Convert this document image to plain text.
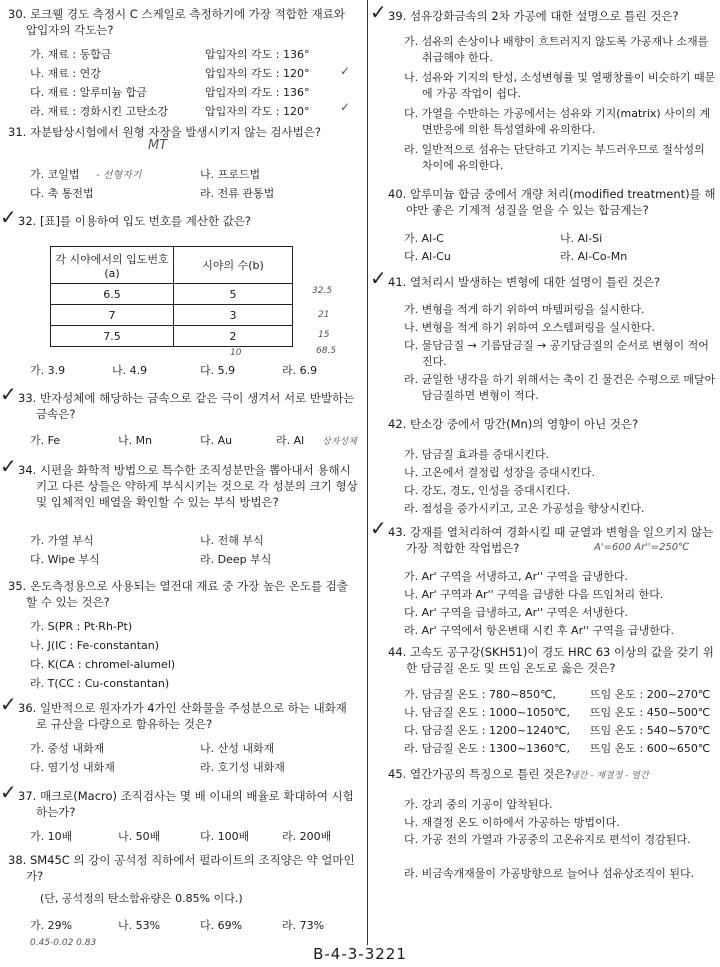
30. 로크웰 경도 측정시 C 스케일로 측정하기에 가장 적합한 재료와 압입자의 각도는?
가. 재료 : 동합금	압입자의 각도 : 136°
나. 재료 : 연강	압입자의 각도 : 120°
다. 재료 : 알루미늄 합금	압입자의 각도 : 136°
라. 재료 : 경화시킨 고탄소강	압입자의 각도 : 120°
✓
✓
31. 자분탐상시험에서 원형 자장을 발생시키지 않는 검사법은?
MT
가. 코일법 - 선형자기	나. 프로드법
다. 축 통전법	라. 전류 관통법
✓ 32. [표]를 이용하여 입도 번호를 계산한 값은?
각 시야에서의 입도번호(a)	시야의 수(b)
6.5	5
7	3
7.5	2
32.5
21
15
68.5
10
가. 3.9	나. 4.9	다. 5.9	라. 6.9
✓ 33. 반자성체에 해당하는 금속으로 같은 극이 생겨서 서로 반발하는 금속은?
가. Fe	나. Mn	다. Au	라. Al 상자성체
✓ 34. 시편을 화학적 방법으로 특수한 조직성분만을 뽑아내서 용해시키고 다른 상들은 약하게 부식시키는 것으로 각 성분의 크기 형상 및 입체적인 배열을 확인할 수 있는 부식 방법은?
가. 가열 부식	나. 전해 부식
다. Wipe 부식	라. Deep 부식
35. 온도측정용으로 사용되는 열전대 재료 중 가장 높은 온도를 검출할 수 있는 것은?
가. S(PR : Pt·Rh-Pt)
나. J(IC : Fe-constantan)
다. K(CA : chromel-alumel)
라. T(CC : Cu-constantan)
✓ 36. 일반적으로 원자가가 4가인 산화물을 주성분으로 하는 내화재로 규산을 다량으로 함유하는 것은?
가. 중성 내화재	나. 산성 내화재
다. 염기성 내화재	라. 호기성 내화재
✓ 37. 매크로(Macro) 조직검사는 몇 배 이내의 배율로 확대하여 시험하는가?
가. 10배	나. 50배	다. 100배	라. 200배
38. SM45C 의 강이 공석정 직하에서 펄라이트의 조직양은 약 얼마인가?
(단, 공석정의 탄소함유량은 0.85% 이다.)
가. 29%	나. 53%	다. 69%	라. 73%
0.45-0.02 0.83
✓ 39. 섬유강화금속의 2차 가공에 대한 설명으로 틀린 것은?
가. 섬유의 손상이나 배향이 흐트러지지 않도록 가공재나 소재를 취급해야 한다.
나. 섬유와 기지의 탄성, 소성변형률 및 열팽창률이 비슷하기 때문에 가공 작업이 쉽다.
다. 가열을 수반하는 가공에서는 섬유와 기지(matrix) 사이의 계면반응에 의한 특성열화에 유의한다.
라. 일반적으로 섬유는 단단하고 기지는 부드러우므로 절삭성의 차이에 유의한다.
40. 알루미늄 합금 중에서 개량 처리(modified treatment)를 해야만 좋은 기계적 성질을 얻을 수 있는 합금계는?
가. Al-C	나. Al-Si
다. Al-Cu	라. Al-Co-Mn
✓ 41. 열처리시 발생하는 변형에 대한 설명이 틀린 것은?
가. 변형을 적게 하기 위하여 마템퍼링을 실시한다.
나. 변형을 적게 하기 위하여 오스템퍼링을 실시한다.
다. 물담금질 → 기름담금질 → 공기담금질의 순서로 변형이 적어진다.
라. 균일한 냉각을 하기 위해서는 축이 긴 물건은 수평으로 매달아 담금질하면 변형이 적다.
42. 탄소강 중에서 망간(Mn)의 영향이 아닌 것은?
가. 담금질 효과를 증대시킨다.
나. 고온에서 결정립 성장을 증대시킨다.
다. 강도, 경도, 인성을 증대시킨다.
라. 점성을 증가시키고, 고온 가공성을 향상시킨다.
✓ 43. 강재를 열처리하여 경화시킬 때 균열과 변형을 일으키지 않는 가장 적합한 작업법은?	A'=600 Ar''=250℃
가. Ar' 구역을 서냉하고, Ar'' 구역을 급냉한다.
나. Ar' 구역과 Ar'' 구역을 급냉한 다음 뜨임처리 한다.
다. Ar' 구역을 급냉하고, Ar'' 구역은 서냉한다.
라. Ar' 구역에서 항온변태 시킨 후 Ar'' 구역을 급냉한다.
44. 고속도 공구강(SKH51)이 경도 HRC 63 이상의 값을 갖기 위한 담금질 온도 및 뜨임 온도로 옳은 것은?
가. 담금질 온도 : 780~850℃,	뜨임 온도 : 200~270℃
나. 담금질 온도 : 1000~1050℃, 뜨임 온도 : 450~500℃
다. 담금질 온도 : 1200~1240℃, 뜨임 온도 : 540~570℃
라. 담금질 온도 : 1300~1360℃, 뜨임 온도 : 600~650℃
45. 열간가공의 특징으로 틀린 것은?
냉간 - 재결정 - 열간
가. 강괴 중의 기공이 압착된다.
나. 재결정 온도 이하에서 가공하는 방법이다.
다. 가공 전의 가열과 가공중의 고온유지로 편석이 경감된다.
라. 비금속개재물이 가공방향으로 늘어나 섬유상조직이 된다.
B-4-3-3221
